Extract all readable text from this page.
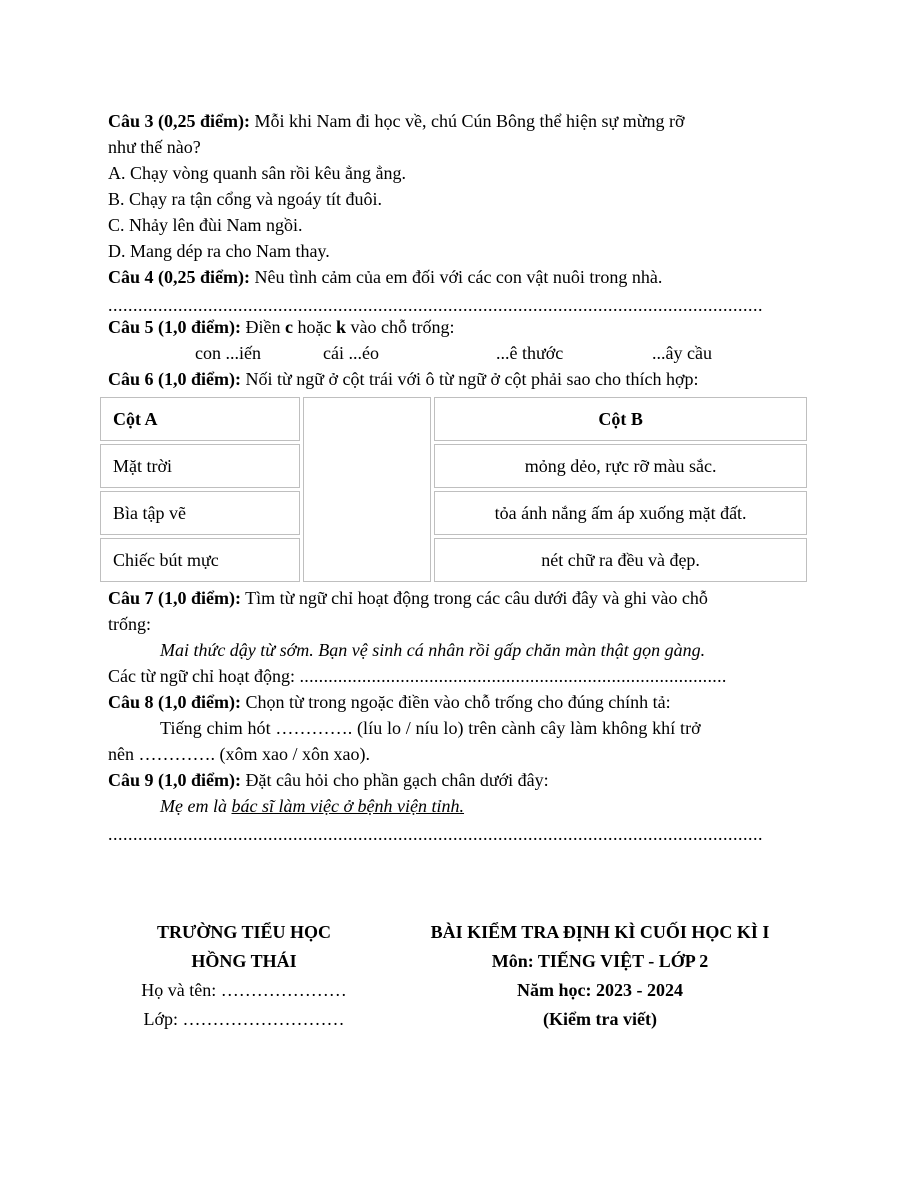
Câu 3 (0,25 điểm): Mỗi khi Nam đi học về, chú Cún Bông thể hiện sự mừng rỡ
như thế nào?
A. Chạy vòng quanh sân rồi kêu ẳng ẳng.
B. Chạy ra tận cổng và ngoáy tít đuôi.
C. Nhảy lên đùi Nam ngồi.
D. Mang dép ra cho Nam thay.
Câu 4 (0,25 điểm): Nêu tình cảm của em đối với các con vật nuôi trong nhà.
...................................................................................................................................
Câu 5 (1,0 điểm): Điền c hoặc k vào chỗ trống:
con ...iến	cái ...éo	...ê thước	...ây cầu
Câu 6 (1,0 điểm): Nối từ ngữ ở cột trái với ô từ ngữ ở cột phải sao cho thích hợp:
Cột A		Cột B
Mặt trời		mỏng dẻo, rực rỡ màu sắc.
Bìa tập vẽ		tỏa ánh nắng ấm áp xuống mặt đất.
Chiếc bút mực		nét chữ ra đều và đẹp.
Câu 7 (1,0 điểm): Tìm từ ngữ chỉ hoạt động trong các câu dưới đây và ghi vào chỗ
trống:
Mai thức dậy từ sớm. Bạn vệ sinh cá nhân rồi gấp chăn màn thật gọn gàng.
Các từ ngữ chỉ hoạt động: .........................................................................................
Câu 8 (1,0 điểm): Chọn từ trong ngoặc điền vào chỗ trống cho đúng chính tả:
Tiếng chim hót …………. (líu lo / níu lo) trên cành cây làm không khí trở
nên …………. (xôm xao / xôn xao).
Câu 9 (1,0 điểm): Đặt câu hỏi cho phần gạch chân dưới đây:
Mẹ em là bác sĩ làm việc ở bệnh viện tỉnh.
...................................................................................................................................
TRƯỜNG TIỂU HỌC
HỒNG THÁI
Họ và tên: …………………
Lớp: ………………………
BÀI KIỂM TRA ĐỊNH KÌ CUỐI HỌC KÌ I
Môn: TIẾNG VIỆT - LỚP 2
Năm học: 2023 - 2024
(Kiểm tra viết)
